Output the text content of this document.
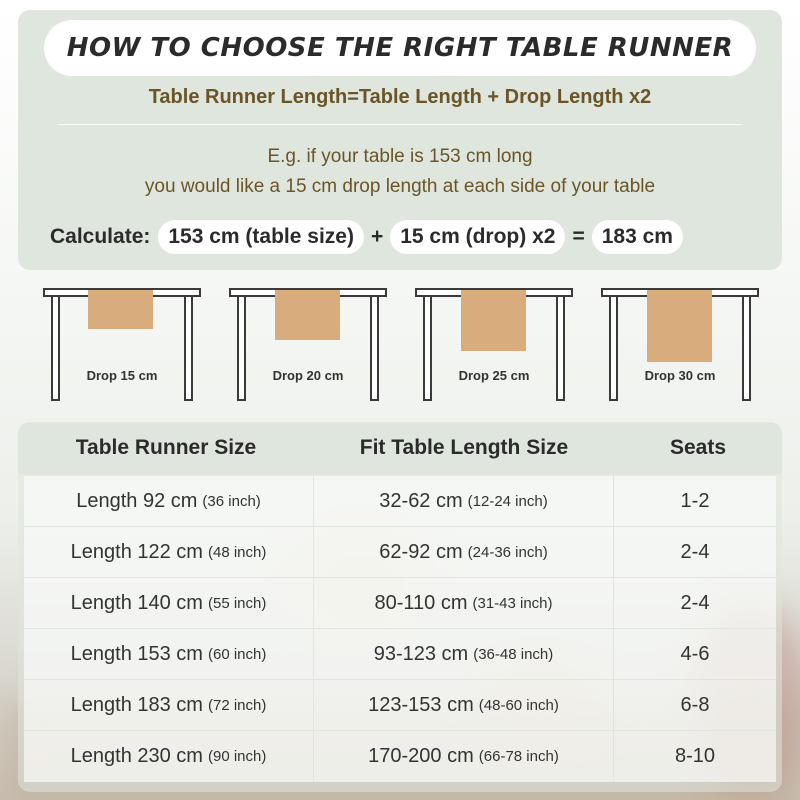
HOW TO CHOOSE THE RIGHT TABLE RUNNER
Table Runner Length=Table Length + Drop Length x2
E.g. if your table is 153 cm long
you would like a 15 cm drop length at each side of your table
Calculate: 153 cm (table size) + 15 cm (drop) x2 = 183 cm
Drop 15 cm	Drop 20 cm	Drop 25 cm	Drop 30 cm
Table Runner Size	Fit Table Length Size	Seats
Length 92 cm (36 inch)	32-62 cm (12-24 inch)	1-2
Length 122 cm (48 inch)	62-92 cm (24-36 inch)	2-4
Length 140 cm (55 inch)	80-110 cm (31-43 inch)	2-4
Length 153 cm (60 inch)	93-123 cm (36-48 inch)	4-6
Length 183 cm (72 inch)	123-153 cm (48-60 inch)	6-8
Length 230 cm (90 inch)	170-200 cm (66-78 inch)	8-10
